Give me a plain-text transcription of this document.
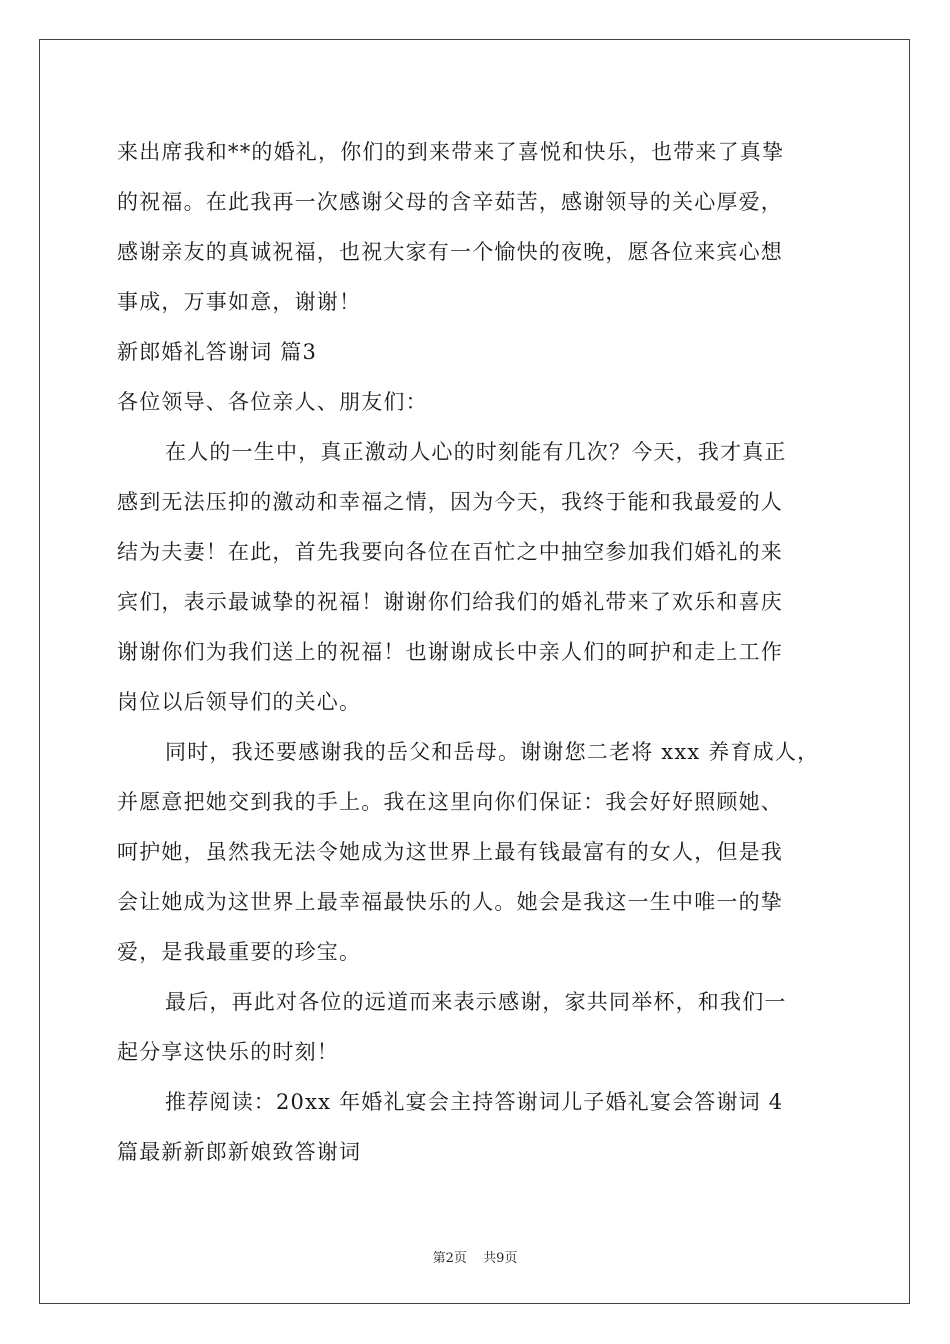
来出席我和**的婚礼，你们的到来带来了喜悦和快乐，也带来了真挚
的祝福。在此我再一次感谢父母的含辛茹苦，感谢领导的关心厚爱，
感谢亲友的真诚祝福，也祝大家有一个愉快的夜晚，愿各位来宾心想
事成，万事如意，谢谢！
新郎婚礼答谢词 篇3
各位领导、各位亲人、朋友们：
在人的一生中，真正激动人心的时刻能有几次？今天，我才真正
感到无法压抑的激动和幸福之情，因为今天，我终于能和我最爱的人
结为夫妻！在此，首先我要向各位在百忙之中抽空参加我们婚礼的来
宾们，表示最诚挚的祝福！谢谢你们给我们的婚礼带来了欢乐和喜庆
谢谢你们为我们送上的祝福！也谢谢成长中亲人们的呵护和走上工作
岗位以后领导们的关心。
同时，我还要感谢我的岳父和岳母。谢谢您二老将 xxx 养育成人，
并愿意把她交到我的手上。我在这里向你们保证：我会好好照顾她、
呵护她，虽然我无法令她成为这世界上最有钱最富有的女人，但是我
会让她成为这世界上最幸福最快乐的人。她会是我这一生中唯一的挚
爱，是我最重要的珍宝。
最后，再此对各位的远道而来表示感谢，家共同举杯，和我们一
起分享这快乐的时刻！
推荐阅读：20xx 年婚礼宴会主持答谢词儿子婚礼宴会答谢词 4
篇最新新郎新娘致答谢词
第2页 共9页
